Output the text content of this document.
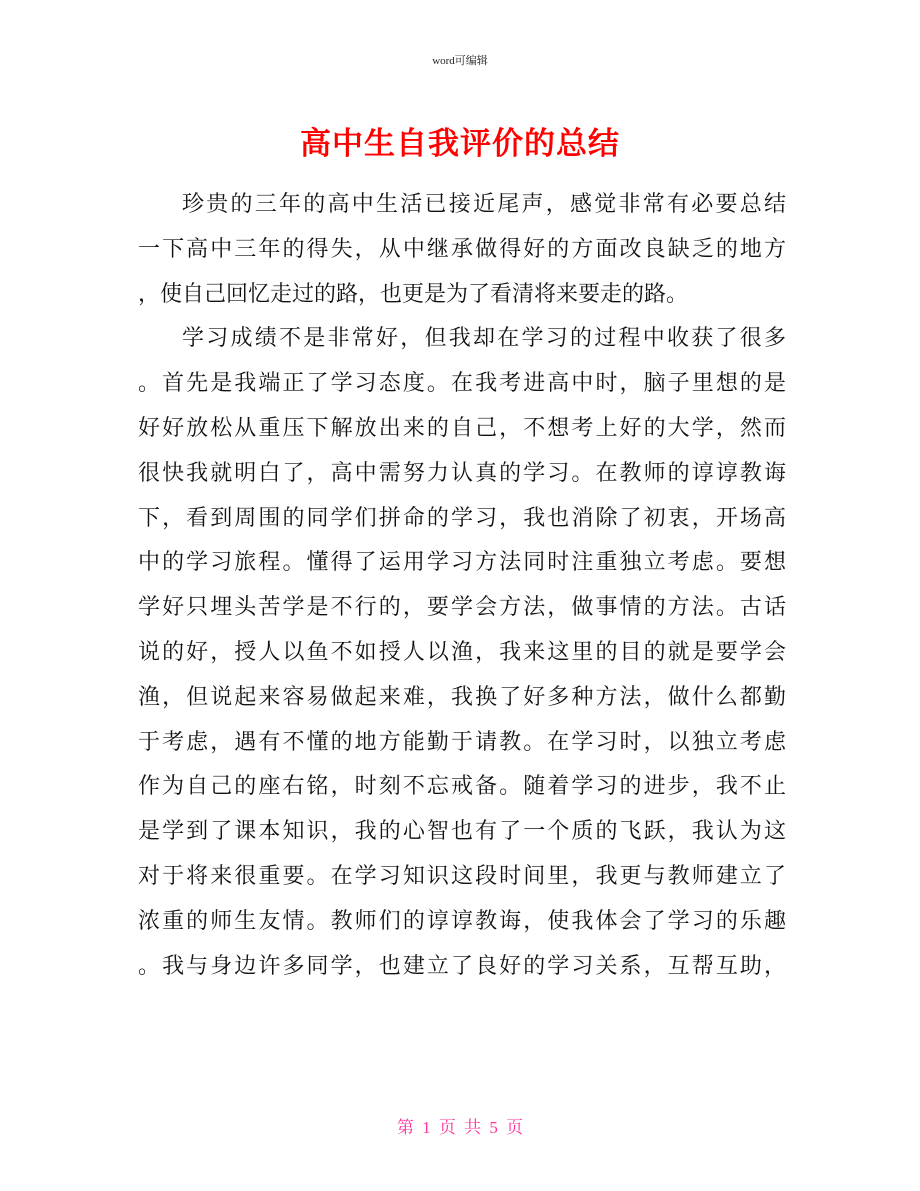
word可编辑
高中生自我评价的总结
珍贵的三年的高中生活已接近尾声，感觉非常有必要总结
一下高中三年的得失，从中继承做得好的方面改良缺乏的地方
，使自己回忆走过的路，也更是为了看清将来要走的路。
学习成绩不是非常好，但我却在学习的过程中收获了很多
。首先是我端正了学习态度。在我考进高中时，脑子里想的是
好好放松从重压下解放出来的自己，不想考上好的大学，然而
很快我就明白了，高中需努力认真的学习。在教师的谆谆教诲
下，看到周围的同学们拼命的学习，我也消除了初衷，开场高
中的学习旅程。懂得了运用学习方法同时注重独立考虑。要想
学好只埋头苦学是不行的，要学会方法，做事情的方法。古话
说的好，授人以鱼不如授人以渔，我来这里的目的就是要学会
渔，但说起来容易做起来难，我换了好多种方法，做什么都勤
于考虑，遇有不懂的地方能勤于请教。在学习时，以独立考虑
作为自己的座右铭，时刻不忘戒备。随着学习的进步，我不止
是学到了课本知识，我的心智也有了一个质的飞跃，我认为这
对于将来很重要。在学习知识这段时间里，我更与教师建立了
浓重的师生友情。教师们的谆谆教诲，使我体会了学习的乐趣
。我与身边许多同学，也建立了良好的学习关系，互帮互助，
第 1 页 共 5 页
